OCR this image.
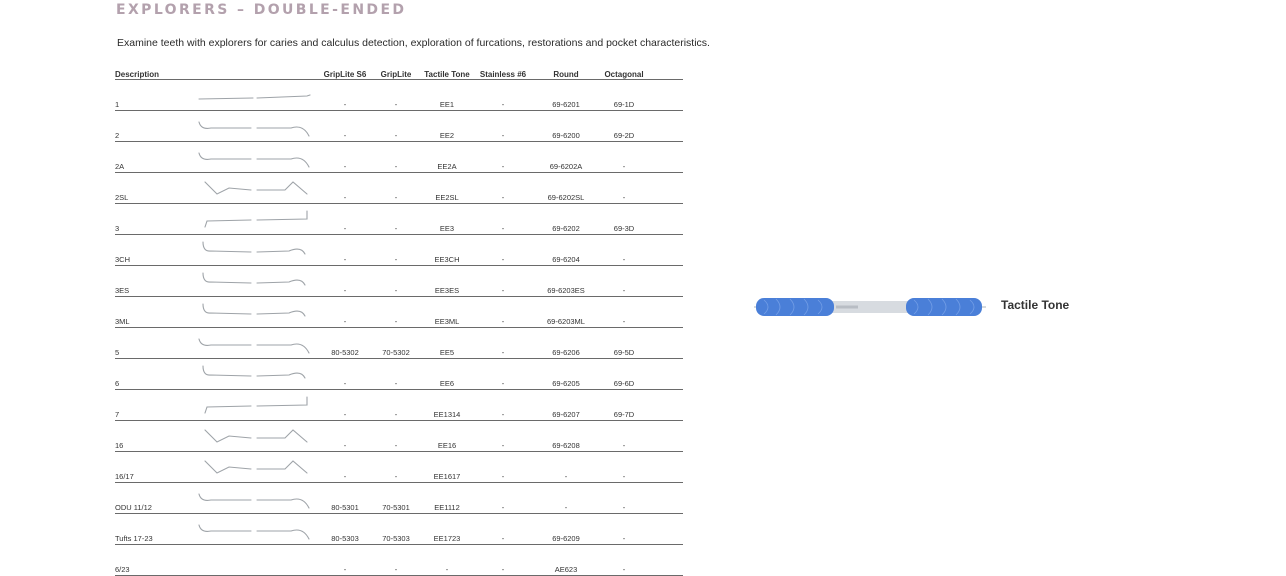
EXPLORERS – DOUBLE-ENDED

Examine teeth with explorers for caries and calculus detection, exploration of furcations, restorations and pocket characteristics.

Description		GripLite S6	GripLite	Tactile Tone	Stainless #6	Round	Octagonal	
1		-	-	EE1	-	69-6201	69-1D	
2		-	-	EE2	-	69-6200	69-2D	
2A		-	-	EE2A	-	69-6202A	-	
2SL		-	-	EE2SL	-	69-6202SL	-	
3		-	-	EE3	-	69-6202	69-3D	
3CH		-	-	EE3CH	-	69-6204	-	
3ES		-	-	EE3ES	-	69-6203ES	-	
3ML		-	-	EE3ML	-	69-6203ML	-	
5		80-5302	70-5302	EE5	-	69-6206	69-5D	
6		-	-	EE6	-	69-6205	69-6D	
7		-	-	EE1314	-	69-6207	69-7D	
16		-	-	EE16	-	69-6208	-	
16/17		-	-	EE1617	-	-	-	
ODU 11/12		80-5301	70-5301	EE1112	-	-	-	
Tufts 17-23		80-5303	70-5303	EE1723	-	69-6209	-	
6/23		-	-	-	-	AE623	-	

Tactile Tone
